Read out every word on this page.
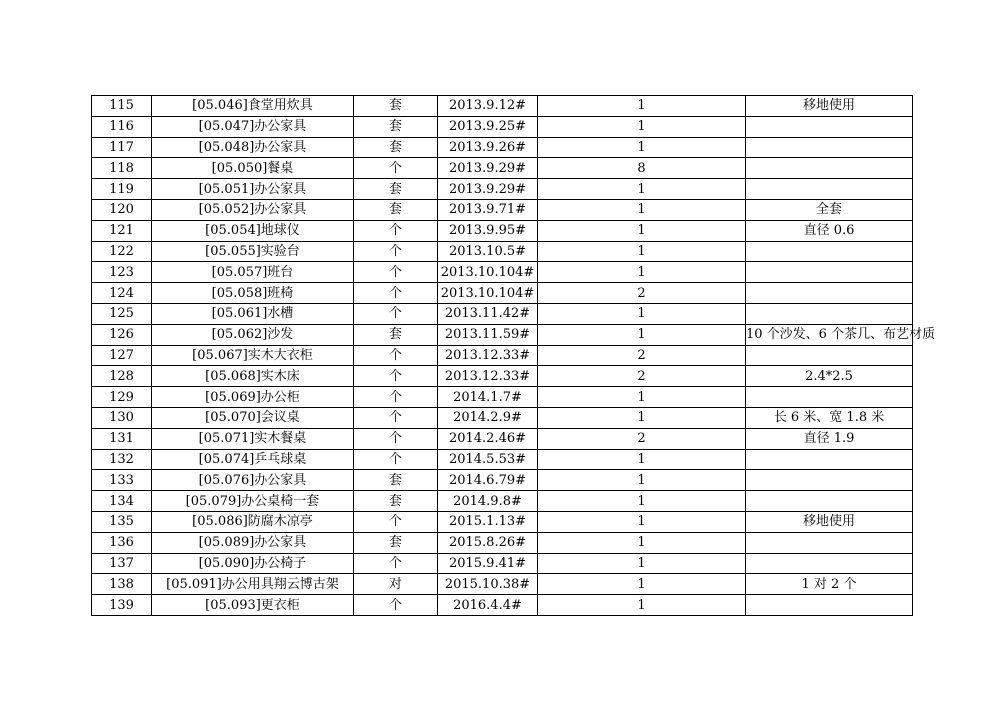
115	[05.046]食堂用炊具	套	2013.9.12#	1	移地使用
116	[05.047]办公家具	套	2013.9.25#	1	
117	[05.048]办公家具	套	2013.9.26#	1	
118	[05.050]餐桌	个	2013.9.29#	8	
119	[05.051]办公家具	套	2013.9.29#	1	
120	[05.052]办公家具	套	2013.9.71#	1	全套
121	[05.054]地球仪	个	2013.9.95#	1	直径 0.6
122	[05.055]实验台	个	2013.10.5#	1	
123	[05.057]班台	个	2013.10.104#	1	
124	[05.058]班椅	个	2013.10.104#	2	
125	[05.061]水槽	个	2013.11.42#	1	
126	[05.062]沙发	套	2013.11.59#	1	10 个沙发、6 个茶几、布艺材质
127	[05.067]实木大衣柜	个	2013.12.33#	2	
128	[05.068]实木床	个	2013.12.33#	2	2.4*2.5
129	[05.069]办公柜	个	2014.1.7#	1	
130	[05.070]会议桌	个	2014.2.9#	1	长 6 米、宽 1.8 米
131	[05.071]实木餐桌	个	2014.2.46#	2	直径 1.9
132	[05.074]乒乓球桌	个	2014.5.53#	1	
133	[05.076]办公家具	套	2014.6.79#	1	
134	[05.079]办公桌椅一套	套	2014.9.8#	1	
135	[05.086]防腐木凉亭	个	2015.1.13#	1	移地使用
136	[05.089]办公家具	套	2015.8.26#	1	
137	[05.090]办公椅子	个	2015.9.41#	1	
138	[05.091]办公用具翔云博古架	对	2015.10.38#	1	1 对 2 个
139	[05.093]更衣柜	个	2016.4.4#	1	
